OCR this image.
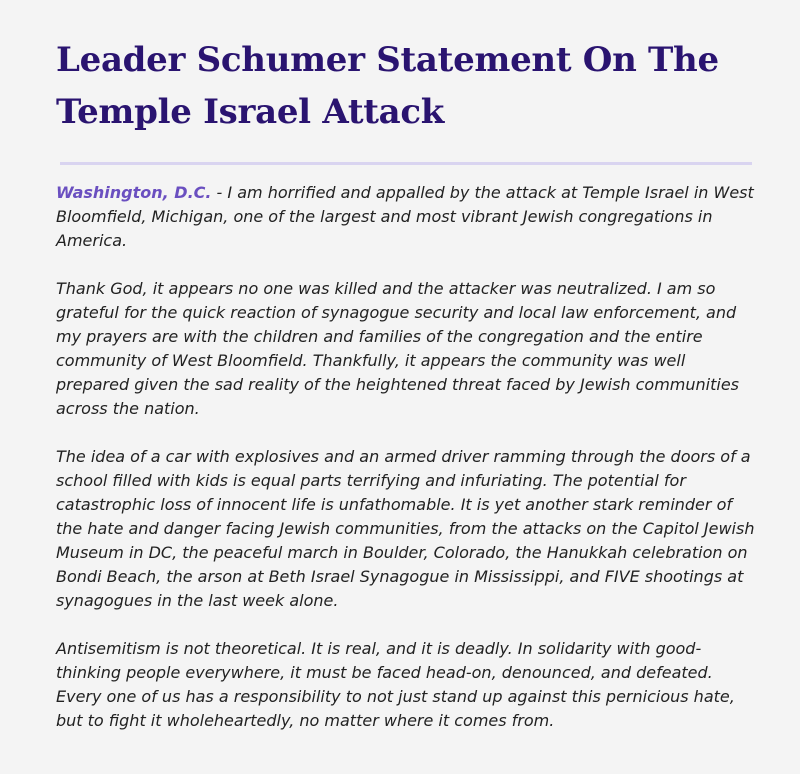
Leader Schumer Statement On The Temple Israel Attack

Washington, D.C. - I am horrified and appalled by the attack at Temple Israel in West Bloomfield, Michigan, one of the largest and most vibrant Jewish congregations in America.

Thank God, it appears no one was killed and the attacker was neutralized. I am so grateful for the quick reaction of synagogue security and local law enforcement, and my prayers are with the children and families of the congregation and the entire community of West Bloomfield. Thankfully, it appears the community was well prepared given the sad reality of the heightened threat faced by Jewish communities across the nation.

The idea of a car with explosives and an armed driver ramming through the doors of a school filled with kids is equal parts terrifying and infuriating. The potential for catastrophic loss of innocent life is unfathomable. It is yet another stark reminder of the hate and danger facing Jewish communities, from the attacks on the Capitol Jewish Museum in DC, the peaceful march in Boulder, Colorado, the Hanukkah celebration on Bondi Beach, the arson at Beth Israel Synagogue in Mississippi, and FIVE shootings at synagogues in the last week alone.

Antisemitism is not theoretical. It is real, and it is deadly. In solidarity with good-thinking people everywhere, it must be faced head-on, denounced, and defeated. Every one of us has a responsibility to not just stand up against this pernicious hate, but to fight it wholeheartedly, no matter where it comes from.
